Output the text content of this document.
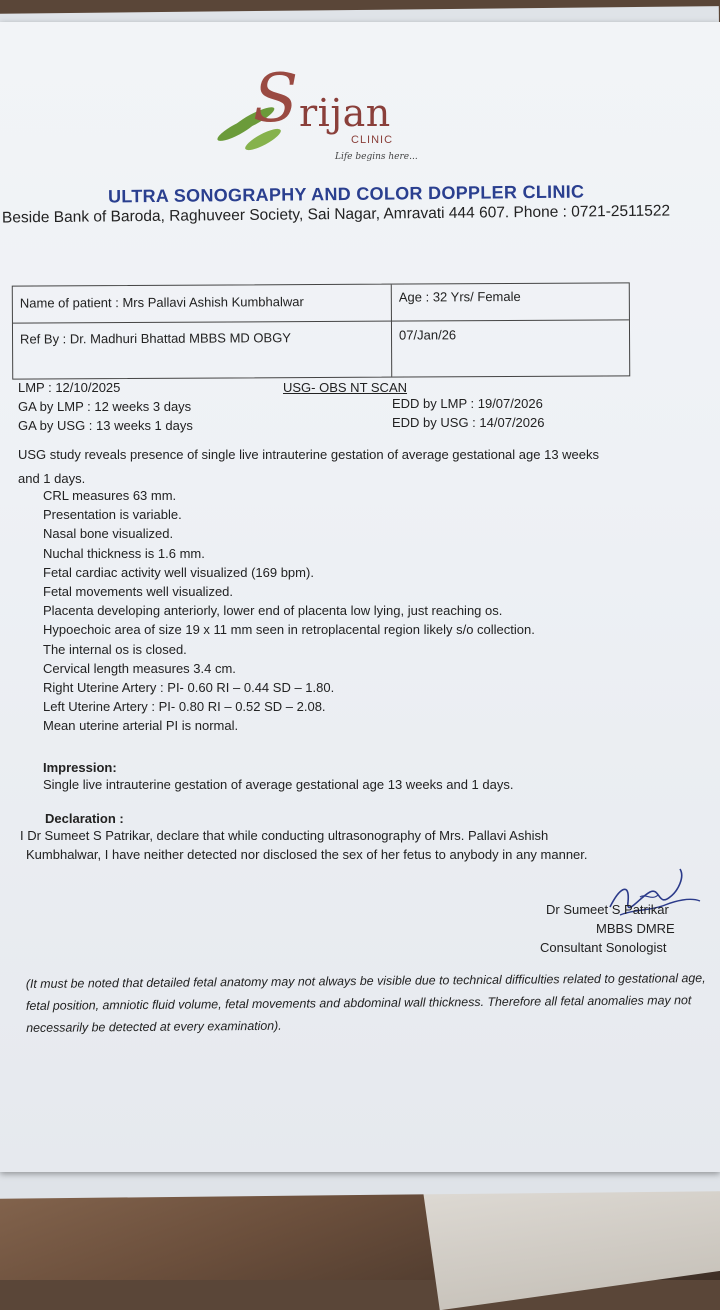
S rijan
CLINIC
Life begins here...
ULTRA SONOGRAPHY AND COLOR DOPPLER CLINIC
Beside Bank of Baroda, Raghuveer Society, Sai Nagar, Amravati 444 607. Phone : 0721-2511522
Name of patient : Mrs Pallavi Ashish Kumbhalwar	Age : 32 Yrs/ Female
Ref By : Dr. Madhuri Bhattad MBBS MD OBGY	07/Jan/26
USG- OBS NT SCAN
LMP : 12/10/2025
GA by LMP : 12 weeks 3 days
GA by USG : 13 weeks 1 days
EDD by LMP : 19/07/2026
EDD by USG : 14/07/2026
USG study reveals presence of single live intrauterine gestation of average gestational age 13 weeks
and 1 days.
CRL measures 63 mm.
Presentation is variable.
Nasal bone visualized.
Nuchal thickness is 1.6 mm.
Fetal cardiac activity well visualized (169 bpm).
Fetal movements well visualized.
Placenta developing anteriorly, lower end of placenta low lying, just reaching os.
Hypoechoic area of size 19 x 11 mm seen in retroplacental region likely s/o collection.
The internal os is closed.
Cervical length measures 3.4 cm.
Right Uterine Artery : PI- 0.60 RI – 0.44 SD – 1.80.
Left Uterine Artery : PI- 0.80 RI – 0.52 SD – 2.08.
Mean uterine arterial PI is normal.
Impression:
Single live intrauterine gestation of average gestational age 13 weeks and 1 days.
Declaration :
I Dr Sumeet S Patrikar, declare that while conducting ultrasonography of Mrs. Pallavi Ashish
Kumbhalwar, I have neither detected nor disclosed the sex of her fetus to anybody in any manner.
Dr Sumeet S Patrikar
MBBS DMRE
Consultant Sonologist
(It must be noted that detailed fetal anatomy may not always be visible due to technical difficulties related to gestational age, fetal position, amniotic fluid volume, fetal movements and abdominal wall thickness. Therefore all fetal anomalies may not necessarily be detected at every examination).
